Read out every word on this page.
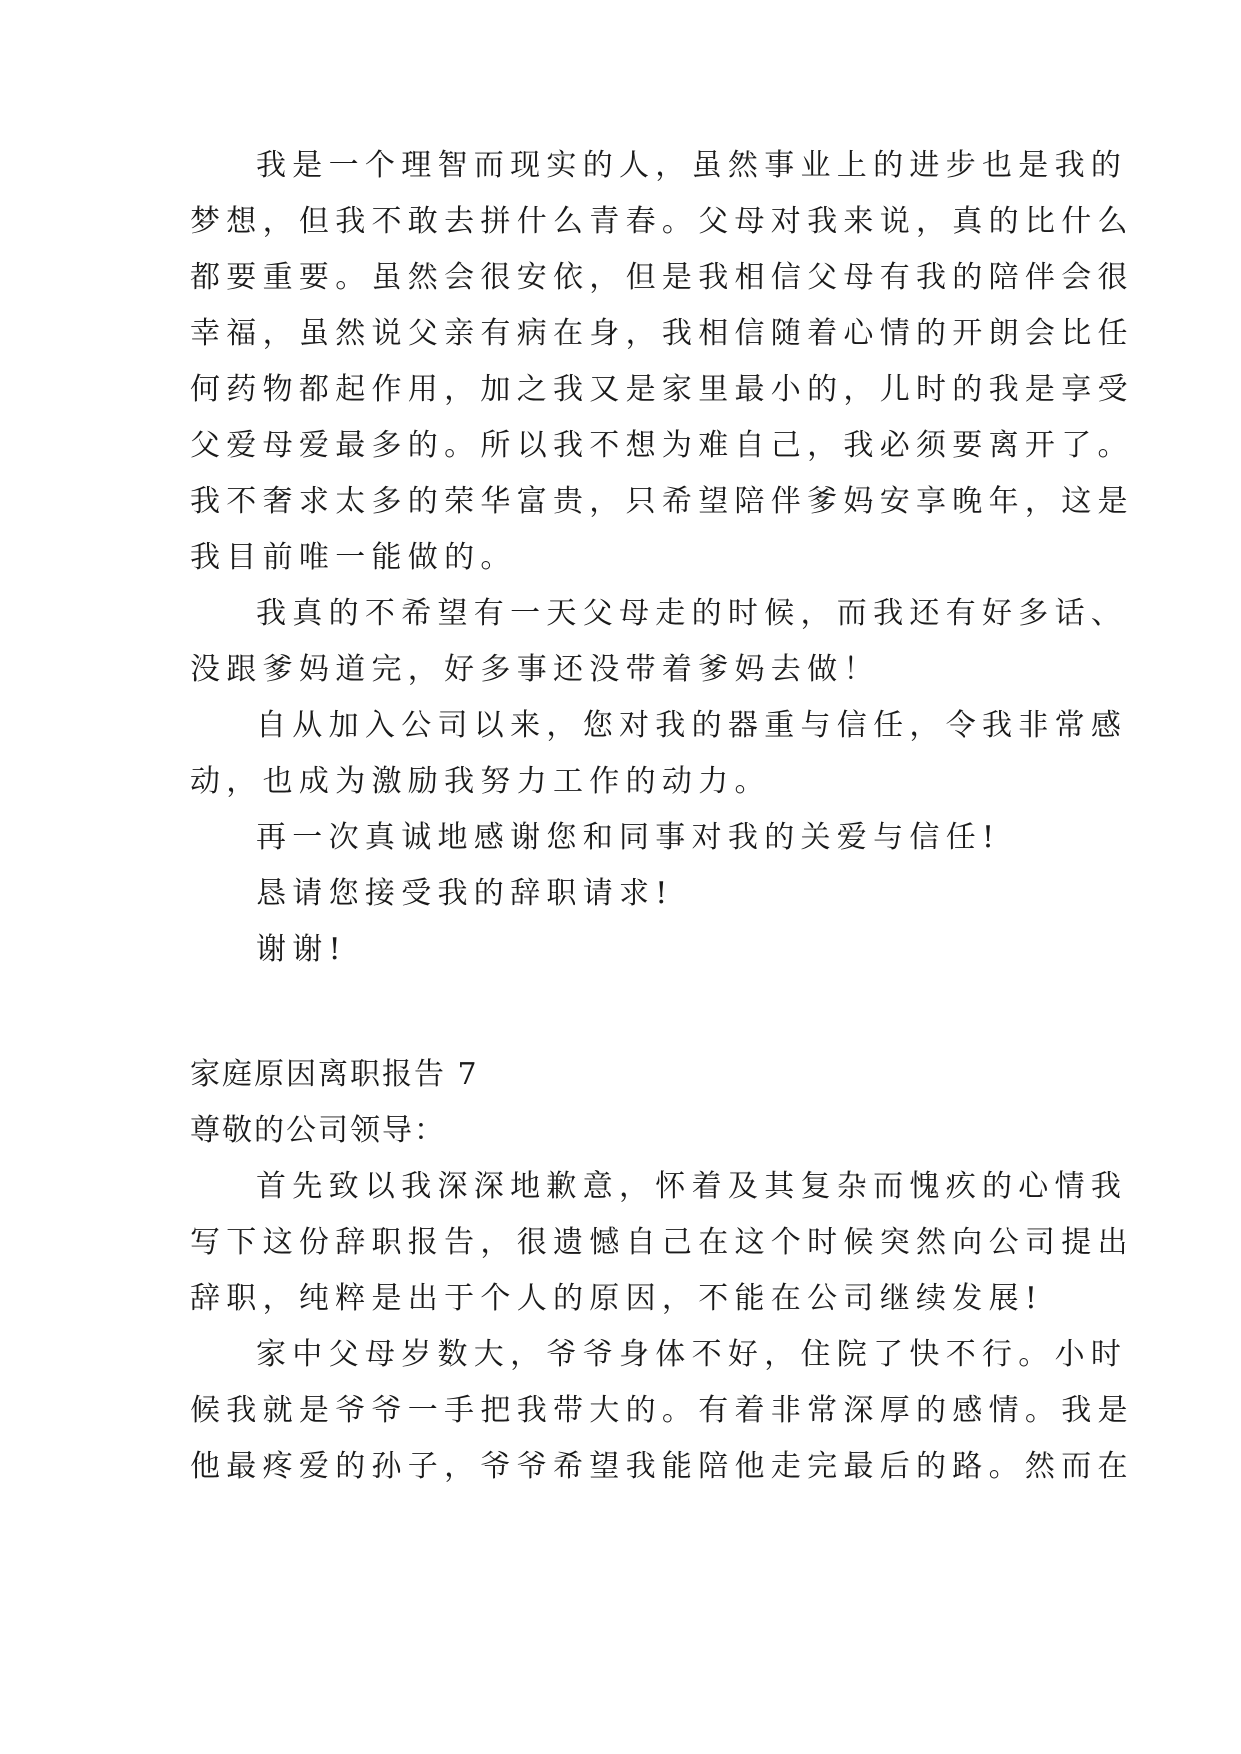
我是一个理智而现实的人，虽然事业上的进步也是我的
梦想，但我不敢去拼什么青春。父母对我来说，真的比什么
都要重要。虽然会很安依，但是我相信父母有我的陪伴会很
幸福，虽然说父亲有病在身，我相信随着心情的开朗会比任
何药物都起作用，加之我又是家里最小的，儿时的我是享受
父爱母爱最多的。所以我不想为难自己，我必须要离开了。
我不奢求太多的荣华富贵，只希望陪伴爹妈安享晚年，这是
我目前唯一能做的。
我真的不希望有一天父母走的时候，而我还有好多话、
没跟爹妈道完，好多事还没带着爹妈去做！
自从加入公司以来，您对我的器重与信任，令我非常感
动，也成为激励我努力工作的动力。
再一次真诚地感谢您和同事对我的关爱与信任!
恳请您接受我的辞职请求!
谢谢!
家庭原因离职报告 7
尊敬的公司领导：
首先致以我深深地歉意，怀着及其复杂而愧疚的心情我
写下这份辞职报告，很遗憾自己在这个时候突然向公司提出
辞职，纯粹是出于个人的原因，不能在公司继续发展!
家中父母岁数大，爷爷身体不好，住院了快不行。小时
候我就是爷爷一手把我带大的。有着非常深厚的感情。我是
他最疼爱的孙子，爷爷希望我能陪他走完最后的路。然而在
